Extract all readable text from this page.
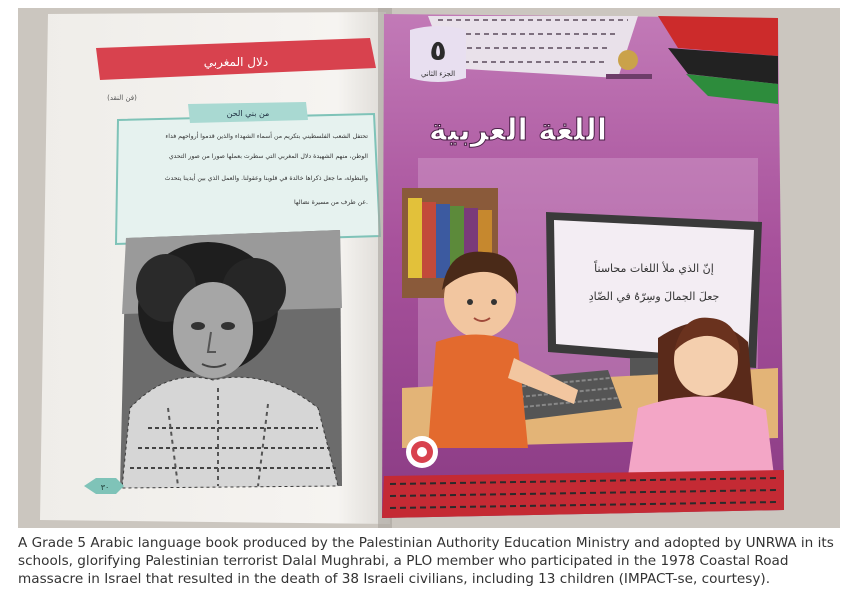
دلال المغربي
(فن النقد)
من بني الحن
تحتفل الشعب الفلسطيني بتكريم من أسماء الشهداء والذين قدموا أرواحهم فداء
الوطن، منهم الشهيدة دلال المغربي التي سطرت بعملها صورا من صور التحدي
والبطولة، ما جعل ذكراها خالدة في قلوبنا وعقولنا. والعمل الذي بين أيدينا يتحدث
عن طرف من مسيرة نضالها.
٣٠
٥
الجزء الثاني
اللغة العربية
إنّ الذي ملأ اللغات محاسناً
جعلَ الجمالَ وسِرّهُ في الضّادِ
A Grade 5 Arabic language book produced by the Palestinian Authority Education Ministry and adopted by UNRWA in its schools, glorifying Palestinian terrorist Dalal Mughrabi, a PLO member who participated in the 1978 Coastal Road massacre in Israel that resulted in the death of 38 Israeli civilians, including 13 children (IMPACT-se, courtesy).
